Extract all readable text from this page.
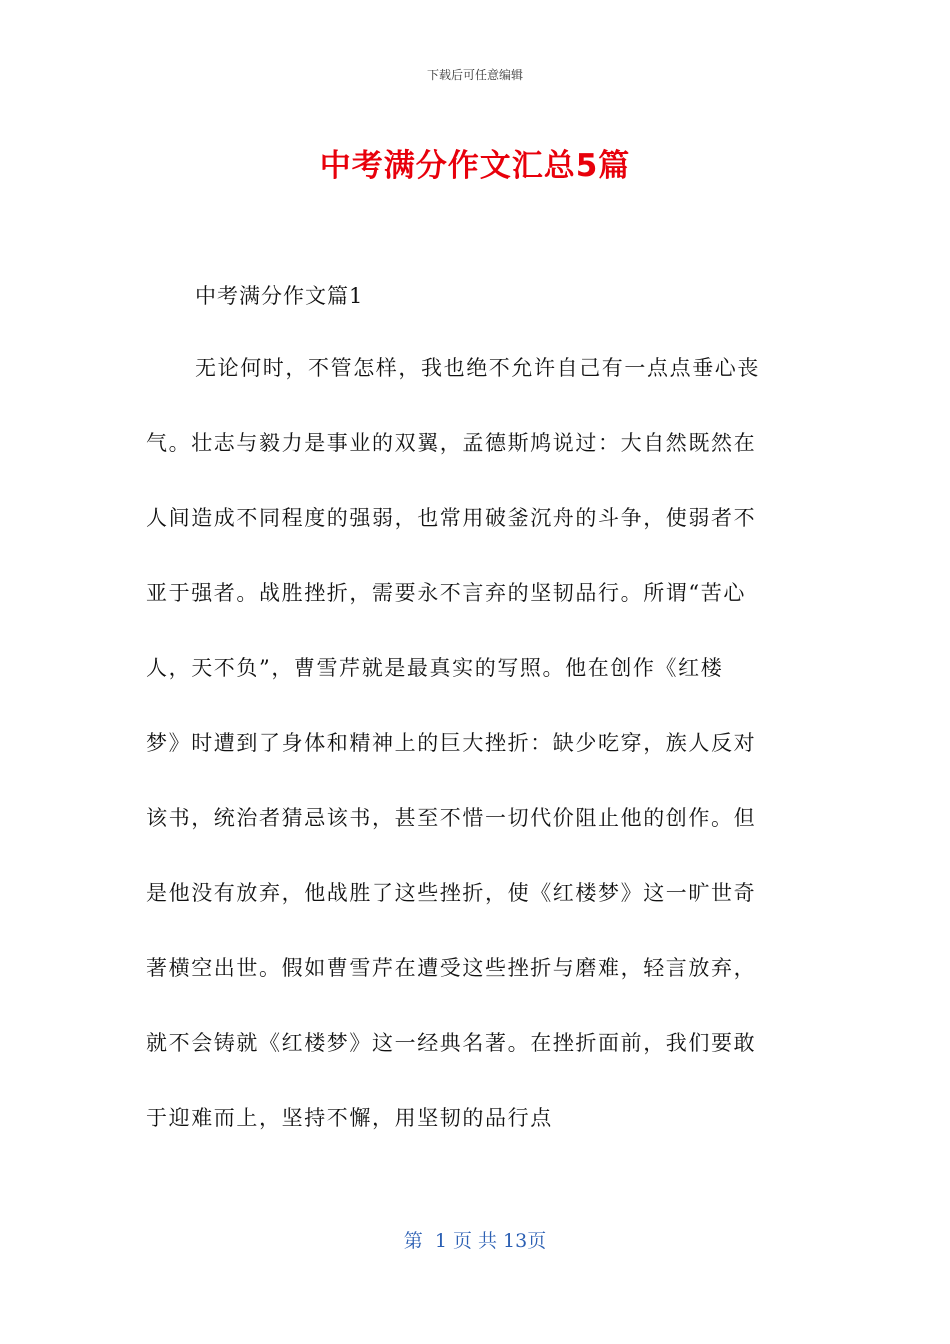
下载后可任意编辑
中考满分作文汇总5篇
中考满分作文篇1
无论何时，不管怎样，我也绝不允许自己有一点点垂心丧
气。壮志与毅力是事业的双翼，孟德斯鸠说过：大自然既然在
人间造成不同程度的强弱，也常用破釜沉舟的斗争，使弱者不
亚于强者。战胜挫折，需要永不言弃的坚韧品行。所谓“苦心
人，天不负”，曹雪芹就是最真实的写照。他在创作《红楼
梦》时遭到了身体和精神上的巨大挫折：缺少吃穿，族人反对
该书，统治者猜忌该书，甚至不惜一切代价阻止他的创作。但
是他没有放弃，他战胜了这些挫折，使《红楼梦》这一旷世奇
著横空出世。假如曹雪芹在遭受这些挫折与磨难，轻言放弃，
就不会铸就《红楼梦》这一经典名著。在挫折面前，我们要敢
于迎难而上，坚持不懈，用坚韧的品行点
第  1 页 共 13页
